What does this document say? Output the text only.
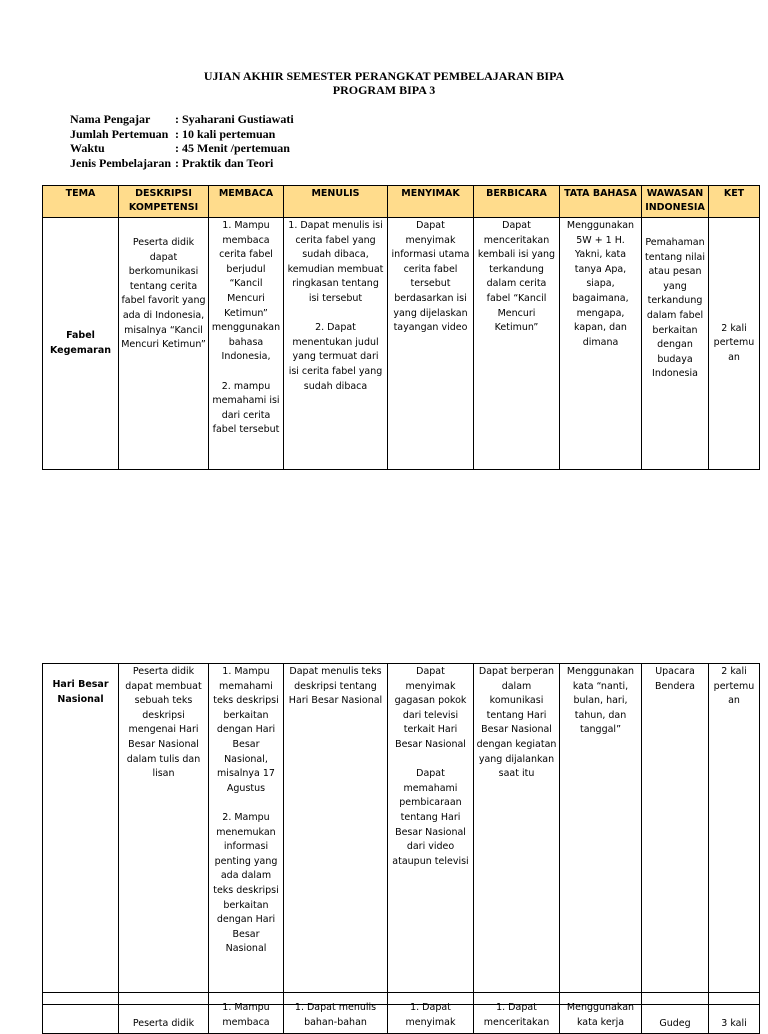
UJIAN AKHIR SEMESTER PERANGKAT PEMBELAJARAN BIPA
PROGRAM BIPA 3
Nama Pengajar	: Syaharani Gustiawati
Jumlah Pertemuan : 10 kali pertemuan
Waktu	: 45 Menit /pertemuan
Jenis Pembelajaran : Praktik dan Teori
TEMA	DESKRIPSI KOMPETENSI	MEMBACA	MENULIS	MENYIMAK	BERBICARA	TATA BAHASA	WAWASAN INDONESIA	KET
Fabel Kegemaran	Peserta didik dapat berkomunikasi tentang cerita fabel favorit yang ada di Indonesia, misalnya “Kancil Mencuri Ketimun”	1. Mampu membaca cerita fabel berjudul “Kancil Mencuri Ketimun” menggunakan bahasa Indonesia,

2. mampu memahami isi dari cerita fabel tersebut	1. Dapat menulis isi cerita fabel yang sudah dibaca, kemudian membuat ringkasan tentang isi tersebut

2. Dapat menentukan judul yang termuat dari isi cerita fabel yang sudah dibaca	Dapat menyimak informasi utama cerita fabel tersebut berdasarkan isi yang dijelaskan tayangan video	Dapat menceritakan kembali isi yang terkandung dalam cerita fabel “Kancil Mencuri Ketimun”	Menggunakan 5W + 1 H. Yakni, kata tanya Apa, siapa, bagaimana, mengapa, kapan, dan dimana	Pemahaman tentang nilai atau pesan yang terkandung dalam fabel berkaitan dengan budaya Indonesia	2 kali pertemuan
Hari Besar Nasional	Peserta didik dapat membuat sebuah teks deskripsi mengenai Hari Besar Nasional dalam tulis dan lisan	1. Mampu memahami teks deskripsi berkaitan dengan Hari Besar Nasional, misalnya 17 Agustus

2. Mampu menemukan informasi penting yang ada dalam teks deskripsi berkaitan dengan Hari Besar Nasional	Dapat menulis teks deskripsi tentang Hari Besar Nasional	Dapat menyimak gagasan pokok dari televisi terkait Hari Besar Nasional

Dapat memahami pembicaraan tentang Hari Besar Nasional dari video ataupun televisi	Dapat berperan dalam komunikasi tentang Hari Besar Nasional dengan kegiatan yang dijalankan saat itu	Menggunakan kata “nanti, bulan, hari, tahun, dan tanggal”	Upacara Bendera	2 kali pertemuan
	Peserta didik	1. Mampu membaca	1. Dapat menulis bahan-bahan	1. Dapat menyimak	1. Dapat menceritakan	Menggunakan kata kerja	Gudeg	3 kali
